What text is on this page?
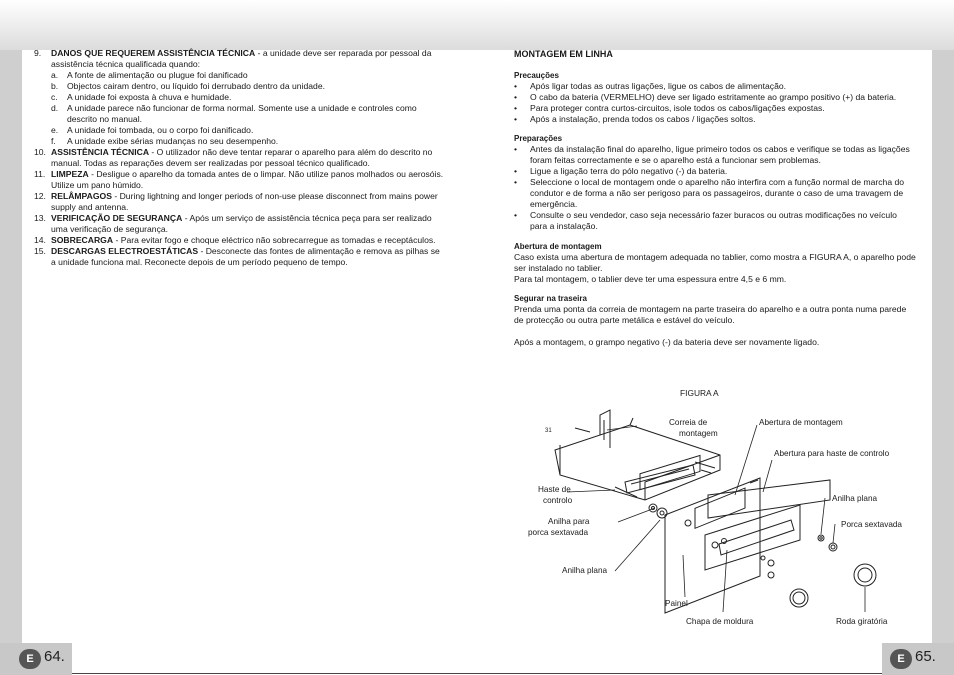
9.	DANOS QUE REQUEREM ASSISTÊNCIA TÉCNICA - a unidade deve ser reparada por pessoal da assistência técnica qualificada quando:
a.	A fonte de alimentação ou plugue foi danificado
b.	Objectos cairam dentro, ou líquido foi derrubado dentro da unidade.
c.	A unidade foi exposta à chuva e humidade.
d.	A unidade parece não funcionar de forma normal. Somente use a unidade e controles como descrito no manual.
e.	A unidade foi tombada, ou o corpo foi danificado.
f.	A unidade exibe sérias mudanças no seu desempenho.
10. ASSISTÊNCIA TÉCNICA - O utilizador não deve tentar reparar o aparelho para além do descrito no manual. Todas as reparações devem ser realizadas por pessoal técnico qualificado.
11. LIMPEZA - Desligue o aparelho da tomada antes de o limpar. Não utilize panos molhados ou aerosóis. Utilize um pano húmido.
12. RELÂMPAGOS - During lightning and longer periods of non-use please disconnect from mains power supply and antenna.
13. VERIFICAÇÃO DE SEGURANÇA - Após um serviço de assistência técnica peça para ser realizado uma verificação de segurança.
14. SOBRECARGA - Para evitar fogo e choque eléctrico não sobrecarregue as tomadas e receptáculos.
15. DESCARGAS ELECTROESTÁTICAS - Desconecte das fontes de alimentação e remova as pilhas se a unidade funciona mal. Reconecte depois de um período pequeno de tempo.
MONTAGEM EM LINHA
Precauções
•	Após ligar todas as outras ligações, ligue os cabos de alimentação.
•	O cabo da bateria (VERMELHO) deve ser ligado estritamente ao grampo positivo (+) da bateria.
•	Para proteger contra curtos-circuitos, isole todos os cabos/ligações expostas.
•	Após a instalação, prenda todos os cabos / ligações soltos.
Preparações
•	Antes da instalação final do aparelho, ligue primeiro todos os cabos e verifique se todas as ligações foram feitas correctamente e se o aparelho está a funcionar sem problemas.
•	Ligue a ligação terra do pólo negativo (-) da bateria.
•	Seleccione o local de montagem onde o aparelho não interfira com a função normal de marcha do condutor e de forma a não ser perigoso para os passageiros, durante o caso de uma travagem de emergência.
•	Consulte o seu vendedor, caso seja necessário fazer buracos ou outras modificações no veículo para a instalação.
Abertura de montagem

Caso exista uma abertura de montagem adequada no tablier, como mostra a FIGURA A, o aparelho pode ser instalado no tablier.

Para tal montagem, o tablier deve ter uma espessura entre 4,5 e 6 mm.

Segurar na traseira

Prenda uma ponta da correia de montagem na parte traseira do aparelho e a outra ponta numa parede de protecção ou outra parte metálica e estável do veículo.

Após a montagem, o grampo negativo (-) da bateria deve ser novamente ligado.

FIGURA A
31
Correia de
montagem
Abertura de montagem
Abertura para haste de controlo
Haste de
controlo
Anilha para
porca sextavada
Anilha plana
Porca sextavada
Anilha plana
Painel
Chapa de moldura	Roda giratória
E 64.	E 65.
